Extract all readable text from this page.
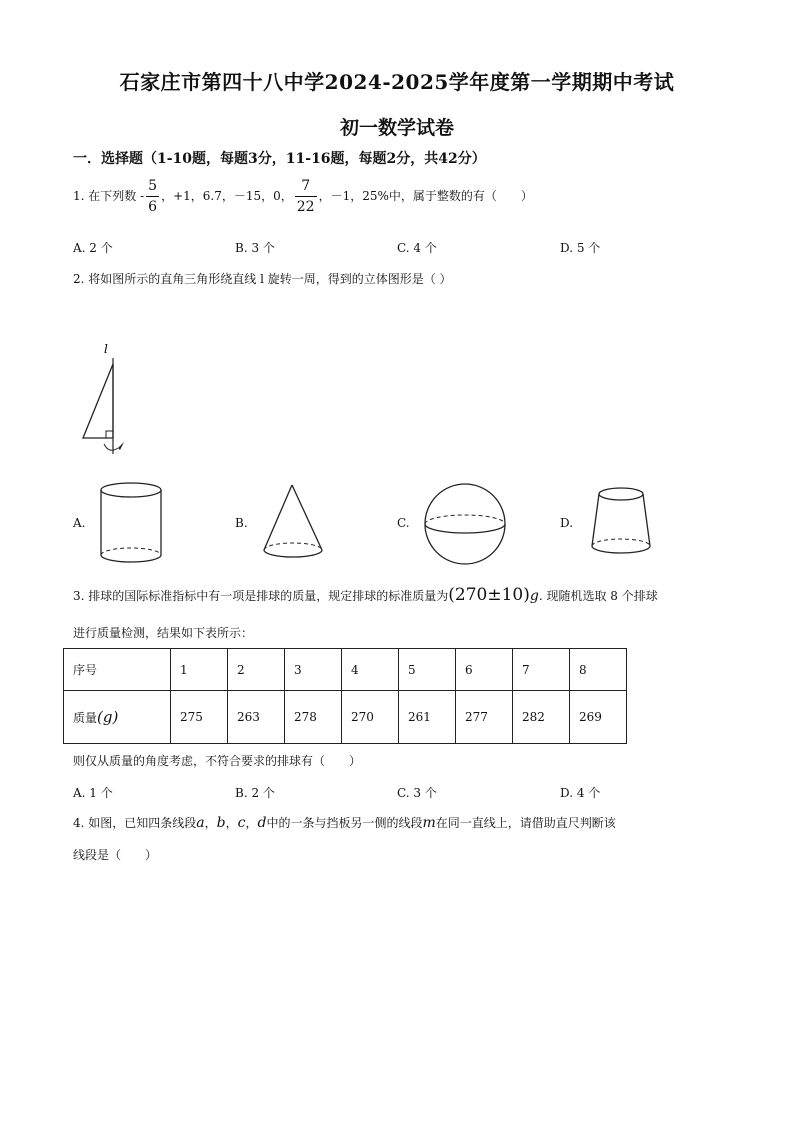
石家庄市第四十八中学2024-2025学年度第一学期期中考试
初一数学试卷
一．选择题（1-10题，每题3分，11-16题，每题2分，共42分）
1. 在下列数 - $\frac{5}{6}$ ，+1，6.7，－15，0， $\frac{7}{22}$ ，－1，25%中，属于整数的有（　　）
A. 2 个	B. 3 个	C. 4 个	D. 5 个
2. 将如图所示的直角三角形绕直线 l 旋转一周，得到的立体图形是（ ）
l
A.	B.	C.	D.
3. 排球的国际标准指标中有一项是排球的质量，规定排球的标准质量为(270±10)g. 现随机选取 8 个排球
进行质量检测，结果如下表所示：
序号	1	2	3	4	5	6	7	8
质量(g)	275	263	278	270	261	277	282	269
则仅从质量的角度考虑，不符合要求的排球有（　　）
A. 1 个	B. 2 个	C. 3 个	D. 4 个
4. 如图，已知四条线段a，b，c，d中的一条与挡板另一侧的线段m在同一直线上，请借助直尺判断该
线段是（　　）
